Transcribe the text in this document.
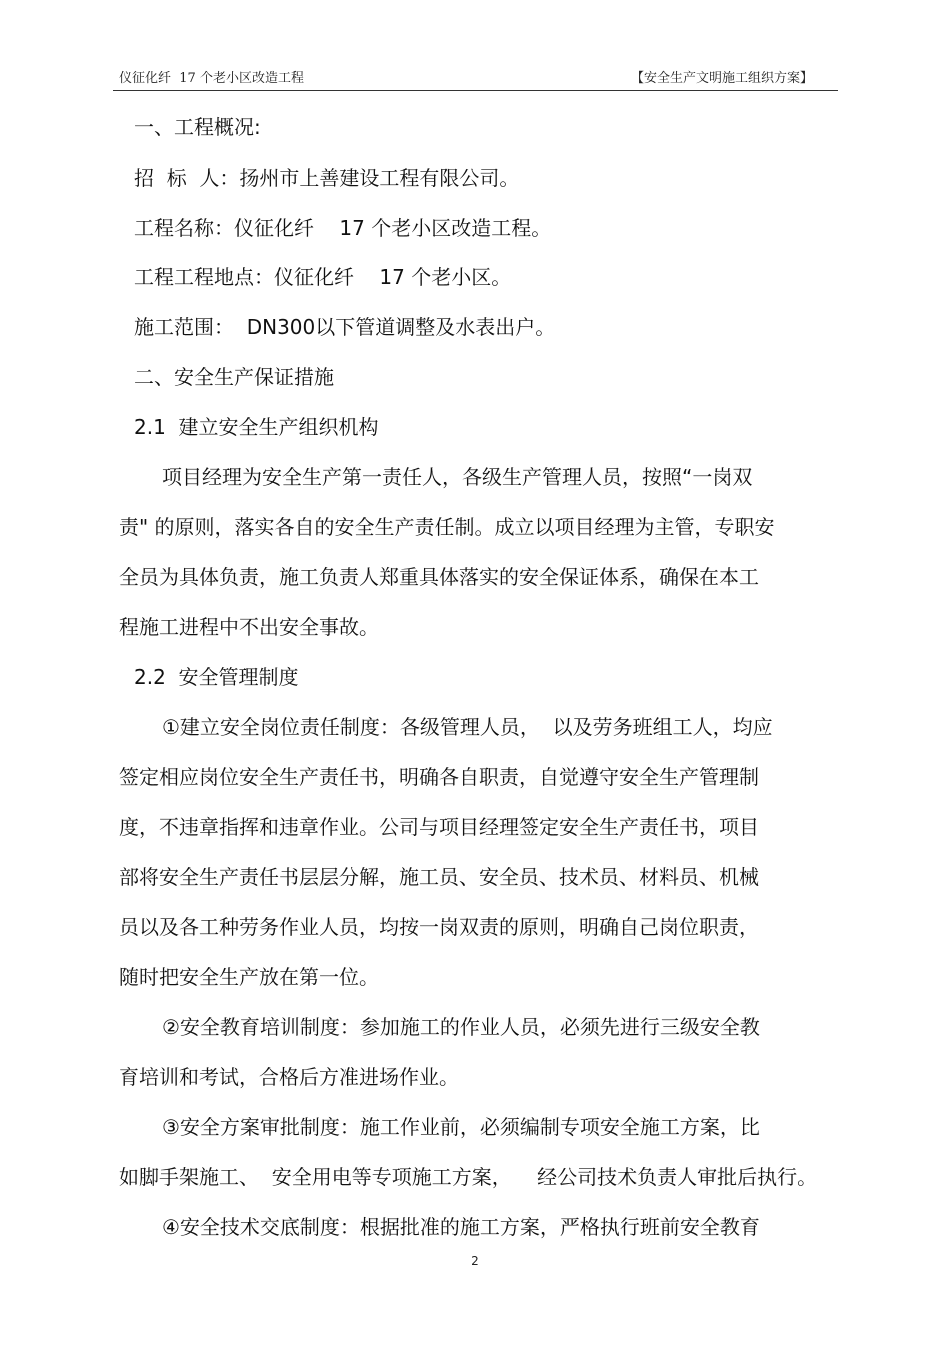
仪征化纤  17 个老小区改造工程	【安全生产文明施工组织方案】
一、工程概况:
招  标  人：扬州市上善建设工程有限公司。
工程名称：仪征化纤    17 个老小区改造工程。
工程工程地点：仪征化纤    17 个老小区。
施工范围：  DN300以下管道调整及水表出户。
二、安全生产保证措施
2.1  建立安全生产组织机构
项目经理为安全生产第一责任人，各级生产管理人员，按照“一岗双
责" 的原则，落实各自的安全生产责任制。成立以项目经理为主管，专职安
全员为具体负责，施工负责人郑重具体落实的安全保证体系，确保在本工
程施工进程中不出安全事故。
2.2  安全管理制度
①建立安全岗位责任制度：各级管理人员，  以及劳务班组工人，均应
签定相应岗位安全生产责任书，明确各自职责，自觉遵守安全生产管理制
度，不违章指挥和违章作业。公司与项目经理签定安全生产责任书，项目
部将安全生产责任书层层分解，施工员、安全员、技术员、材料员、机械
员以及各工种劳务作业人员，均按一岗双责的原则，明确自己岗位职责，
随时把安全生产放在第一位。
②安全教育培训制度：参加施工的作业人员，必须先进行三级安全教
育培训和考试，合格后方准进场作业。
③安全方案审批制度：施工作业前，必须编制专项安全施工方案，比
如脚手架施工、  安全用电等专项施工方案，    经公司技术负责人审批后执行。
④安全技术交底制度：根据批准的施工方案，严格执行班前安全教育
2
